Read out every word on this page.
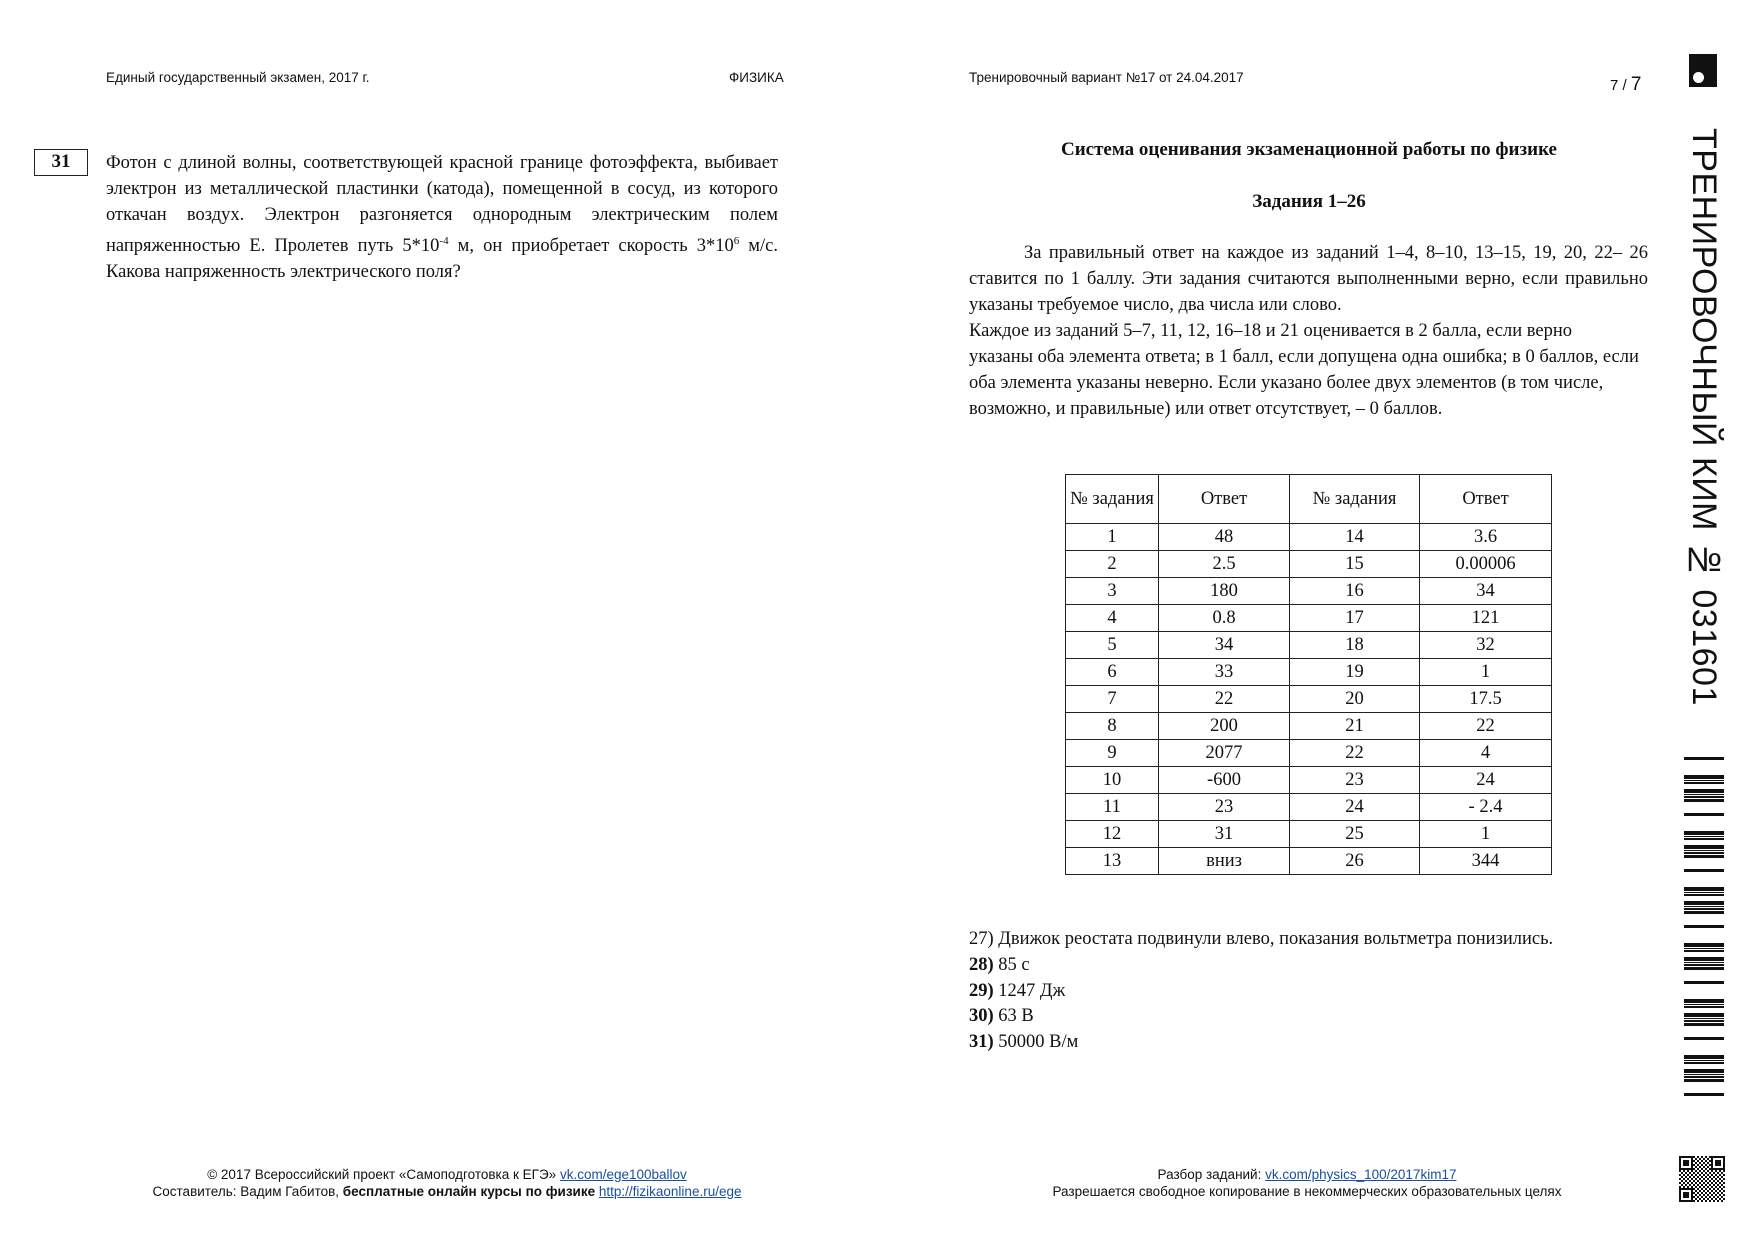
Единый государственный экзамен, 2017 г.	ФИЗИКА	Тренировочный вариант №17 от 24.04.2017	7 / 7
31	Фотон с длиной волны, соответствующей красной границе фотоэффекта, выбивает электрон из металлической пластинки (катода), помещенной в сосуд, из которого откачан воздух. Электрон разгоняется однородным электрическим полем напряженностью E. Пролетев путь $5*10^{-4}$ м, он приобретает скорость $3*10^6$ м/с. Какова напряженность электрического поля?
Система оценивания экзаменационной работы по физике
Задания 1–26

За правильный ответ на каждое из заданий 1–4, 8–10, 13–15, 19, 20, 22– 26 ставится по 1 баллу. Эти задания считаются выполненными верно, если правильно указаны требуемое число, два числа или слово.

Каждое из заданий 5–7, 11, 12, 16–18 и 21 оценивается в 2 балла, если верно указаны оба элемента ответа; в 1 балл, если допущена одна ошибка; в 0 баллов, если оба элемента указаны неверно. Если указано более двух элементов (в том числе, возможно, и правильные) или ответ отсутствует, – 0 баллов.

№ задания	Ответ	№ задания	Ответ
1	48	14	3.6
2	2.5	15	0.00006
3	180	16	34
4	0.8	17	121
5	34	18	32
6	33	19	1
7	22	20	17.5
8	200	21	22
9	2077	22	4
10	-600	23	24
11	23	24	- 2.4
12	31	25	1
13	вниз	26	344
27) Движок реостата подвинули влево, показания вольтметра понизились.
28) 85 с
29) 1247 Дж
30) 63 В
31) 50000 В/м
ТРЕНИРОВОЧНЫЙ КИМ № 031601
© 2017 Всероссийский проект «Самоподготовка к ЕГЭ» vk.com/ege100ballov
Составитель: Вадим Габитов, бесплатные онлайн курсы по физике http://fizikaonline.ru/ege
Разбор заданий: vk.com/physics_100/2017kim17
Разрешается свободное копирование в некоммерческих образовательных целях
